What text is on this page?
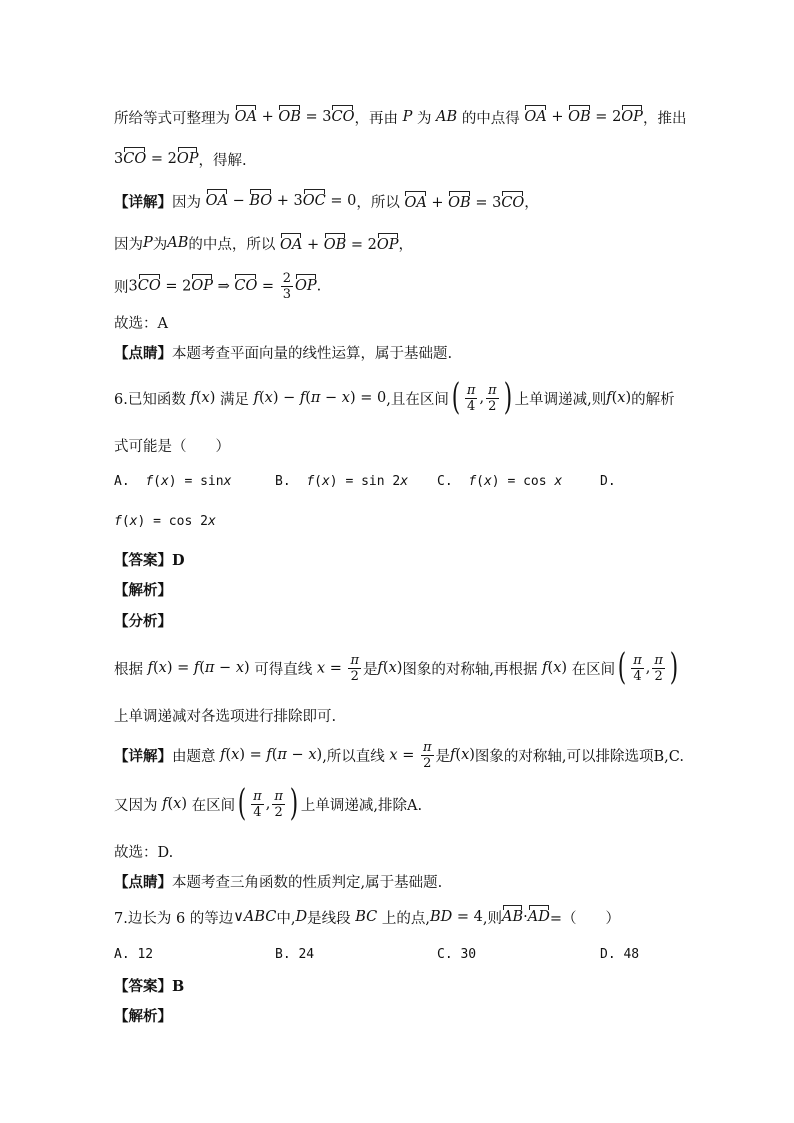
所给等式可整理为 OA + OB = 3CO ，再由 P 为 AB 的中点得 OA + OB = 2OP ，推出
3CO = 2OP ，得解.
【详解】 因为 OA − BO + 3OC = 0 ，所以 OA + OB = 3CO，
因为 P 为 AB 的中点，所以 OA + OB = 2OP，
则 3CO = 2OP ⇒ CO = $\frac{2}{3}$ OP.
故选：A
【点睛】 本题考查平面向量的线性运算，属于基础题.
6.已知函数 f ( x ) 满足 f(x) − f(π − x) = 0 ,且在区间 ( $\frac{\pi}{4}$ , $\frac{\pi}{2}$ ) 上单调递减,则 f ( x ) 的解析
式可能是（　　）
A. f(x) = sinx	B. f(x) = sin 2x C. f(x) = cos x	D.
f(x) = cos 2x
【答案】D
【解析】
【分析】
根据 f(x) = f(π − x) 可得直线 $x = \frac{\pi}{2}$ 是 f ( x ) 图象的对称轴,再根据 f ( x ) 在区间 ( $\frac{\pi}{4}$ , $\frac{\pi}{2}$ )
上单调递减对各选项进行排除即可.
【详解】 由题意 f(x) = f(π − x) ,所以直线 $x = \frac{\pi}{2}$ 是 f ( x ) 图象的对称轴,可以排除选项B,C.
又因为 f ( x ) 在区间 ( $\frac{\pi}{4}$ , $\frac{\pi}{2}$ ) 上单调递减,排除A.
故选：D.
【点睛】 本题考查三角函数的性质判定,属于基础题.
7.边长为 6 的等边 ∨ABC 中, D 是线段 BC 上的点, BD = 4 ,则 AB·AD =（　　）
A. 12	B. 24	C. 30	D. 48
【答案】B
【解析】
